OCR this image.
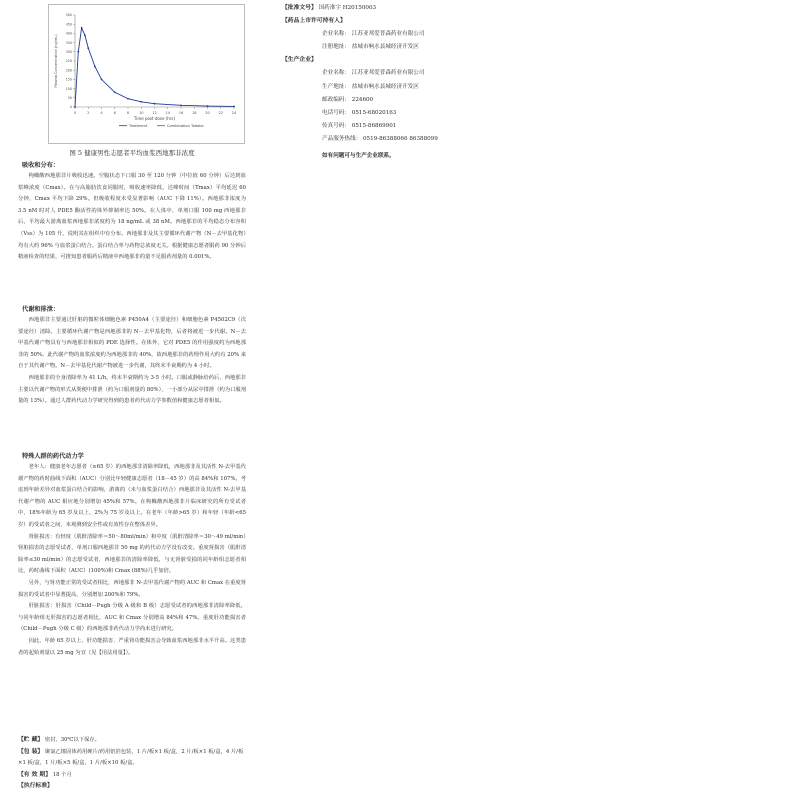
0	2	4	6	8	10 12 14 16 18 20 22 24
0
50
100
150
200
250
300
350
400
450
500
Time post dose (hrs)
Plasma Concentration (ng/mL)
Treatment	Combination Tadalar
图 5 健康男性志愿者平均血浆西地那非浓度
吸收和分布：

枸橼酸西地那非片吸收迅速。空腹状态下口服 30 至 120 分钟（中位值 60 分钟）后达到血浆峰浓度（Cmax）。在与高脂肪饮食同服时，吸收速率降低，达峰时间（Tmax）平均延迟 60 分钟，Cmax 平均下降 29%。但吸收程度未受显著影响（AUC 下降 11%）。西地那非浓度为 3.5 nM 时对人 PDE5 酶活性的体外抑制率达 50%。在人体中，单剂口服 100 mg 西地那非后，平均最大游离血浆西地那非浓度约为 18 ng/mL 或 38 nM。西地那非的平均稳态分布容积（Vss）为 105 升，说明其在组织中有分布。西地那非及其主要循环代谢产物（N－去甲基化物）均有大约 96% 与血浆蛋白结合。蛋白结合率与药物总浓度无关。根据健康志愿者服药 90 分钟后精液检查的结果，可推知患者服药后精液中西地那非的量不足服药剂量的 0.001%。

代谢和排泄：

西地那非主要通过肝脏的微粒体细胞色素 P450A4（主要途径）和细胞色素 P4502C9（次要途径）清除。主要循环代谢产物是西地那非的 N－去甲基化物，后者将被进一步代谢。N－去甲基代谢产物具有与西地那非相似的 PDE 选择性。在体外，它对 PDE5 的作用强度约为西地那非的 50%。此代谢产物的血浆浓度约为西地那非的 40%，故西地那非的药理作用大约有 20% 来自于其代谢产物。N－去甲基化代谢产物被进一步代谢，其终末半衰期约为 4 小时。

西地那非的全身清除率为 41 L/h，终末半衰期约为 3-5 小时。口服或静脉给药后，西地那非主要以代谢产物的形式从粪便中排泄（约为口服剂量的 80%），一小部分从尿中排泄（约为口服剂量的 13%）。通过人群药代动力学研究得到的患者药代动力学参数值和健康志愿者相似。

特殊人群的药代动力学

老年人：健康老年志愿者（≥65 岁）的西地那非清除率降低，西地那非及其活性 N-去甲基代谢产物的药时曲线下面积（AUC）分别比年轻健康志愿者（18－45 岁）的高 84%和 107%。考虑到年龄差异对血浆蛋白结合的影响，游离的（未与血浆蛋白结合）西地那非及其活性 N-去甲基代谢产物的 AUC 相应地分别增加 45%和 57%。在枸橼酸西地那非片临床研究的所有受试者中，18%年龄为 65 岁及以上，2%为 75 岁及以上。在老年（年龄>65 岁）和年轻（年龄<65 岁）的受试者之间，未观测到安全性或有效性存在整体差异。

肾脏损害：有轻度（肌酐清除率＝50～80ml/min）和中度（肌酐清除率＝30～49 ml/min）肾脏损害的志愿受试者，单剂口服西地那非 50 mg 的药代动力学没有改变。重度肾损害（肌酐清除率≤30 ml/min）的志愿受试者，西地那非的清除率降低，与无肾脏受损的同年龄组志愿者相比，药时曲线下面积（AUC）(100%)和 Cmax (88%)几乎加倍。

另外，与肾功能正常的受试者相比，西地那非 N-去甲基代谢产物的 AUC 和 Cmax 在重度肾损害的受试者中显著提高，分别增加 200%和 79%。

肝脏损害：肝损害（Child－Pugh 分级 A 级和 B 级）志愿受试者的西地那非清除率降低，与同年龄组无肝损害的志愿者相比，AUC 和 Cmax 分别增高 84%和 47%。重度肝功能损害者（Child－Pugh 分级 C 级）的西地那非药代动力学尚未进行研究。

因此，年龄 65 岁以上、肝功能损害、严重肾功能损害会导致血浆西地那非水平升高。这类患者的起始剂量以 25 mg 为宜（见【用法用量】）。

【贮 藏】 密封，30℃以下保存。
【包 装】 聚氯乙烯固体药用硬片/药用铝箔包装，1 片/板×1 板/盒，2 片/板×1 板/盒，4 片/板×1 板/盒，1 片/板×5 板/盒，1 片/板×10 板/盒。
【有 效 期】 18 个月
【执行标准】
【批准文号】 国药准字 H20150003
【药品上市许可持有人】
企业名称： 江苏亚邦爱普森药业有限公司
注册地址： 盐城市响水县城经济开发区
【生产企业】
企业名称： 江苏亚邦爱普森药业有限公司
生产地址： 盐城市响水县城经济开发区
邮政编码： 224600
电话号码： 0515-68020163
传真号码： 0515-86869901
产品服务热线： 0519-86388066 86388099
如有问题可与生产企业联系。
